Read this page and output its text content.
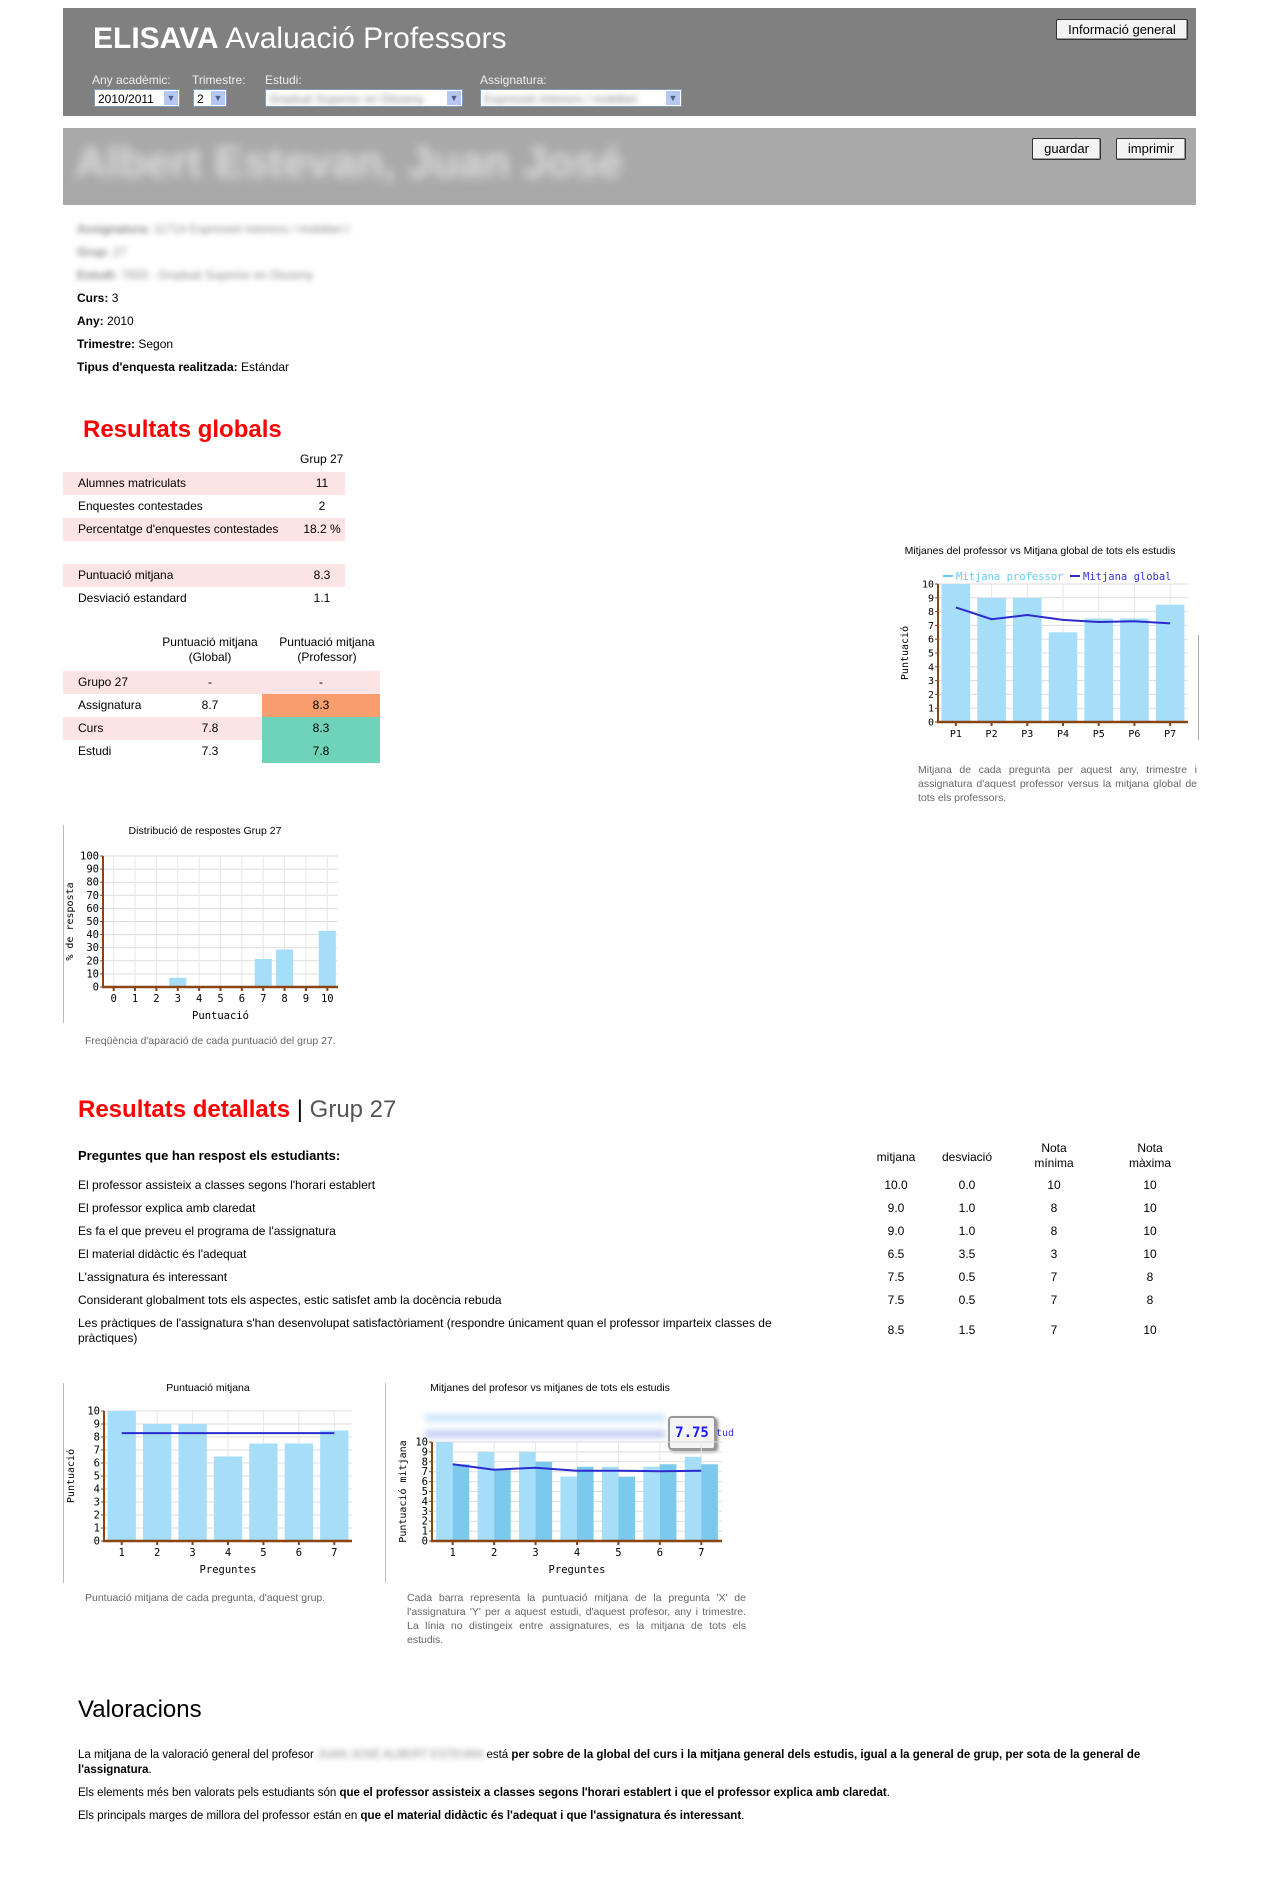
ELISAVA Avaluació Professors	Informació general
Any acadèmic: Trimestre: Estudi:	Assignatura:
2010/2011 ▼	2 ▼	Graduat Superior en Disseny	▼	Expressió interiors / mobiliari	▼
Albert Estevan, Juan José	guardar	imprimir
Resultats globals
Grup 27
Puntuació mitjana
(Global)
Puntuació mitjana
(Professor)
Mitjana de cada pregunta per aquest any, trimestre i assignatura d'aquest professor versus la mitjana global de tots els professors.
Freqüència d'aparació de cada puntuació del grup 27.
Puntuació mitjana de cada pregunta, d'aquest grup.	Cada barra representa la puntuació mitjana de la pregunta 'X' de l'assignatura 'Y' per a aquest estudi, d'aquest profesor, any i trimestre. La línia no distingeix entre assignatures, es la mitjana de tots els estudis.
Resultats detallats | Grup 27
Preguntes que han respost els estudiants:	mitjana desviació
Nota mínima
Nota màxima
7.75 tud
Valoracions

La mitjana de la valoració general del profesor JUAN JOSÉ ALBERT ESTEVAN está per sobre de la global del curs i la mitjana general dels estudis, igual a la general de grup, per sota de la general de l'assignatura.

Els elements més ben valorats pels estudiants són que el professor assisteix a classes segons l'horari establert i que el professor explica amb claredat.

Els principals marges de millora del professor están en que el material didàctic és l'adequat i que l'assignatura és interessant.

Mitjanes del professor vs Mitjana global de tots els estudis
0
1
2
3
4
5
6
7
8
9
10
P1 P2 P3 P4 P5 P6 P7
Puntuació
Mitjana professor Mitjana global
Distribució de respostes Grup 27
0
10
20
30
40
50
60
70
80
90
100
0 1 2 3 4 5 6 7 8 9 10
% de resposta
Puntuació
Puntuació mitjana
0
1
2
3
4
5
6
7
8
9
10
1	2	3	4	5	6	7
Puntuació
Preguntes
Mitjanes del profesor vs mitjanes de tots els estudis
0
1
2
3
4
5
6
7
8
9
10
1	2	3	4	5	6	7
Puntuació mitjana
Preguntes
Assignatura: 11714 Expressió interiors / mobiliari I
Grup: 27
Estudi: 7933 - Graduat Superior en Disseny
Curs: 3
Any: 2010
Trimestre: Segon
Tipus d'enquesta realitzada: Estándar
Alumnes matriculats	11
Enquestes contestades	2
Percentatge d'enquestes contestades 18.2 %
Puntuació mitjana	8.3
Desviació estandard	1.1
Grupo 27	-	-
Assignatura	8.7	8.3
Curs	7.8	8.3
Estudi	7.3	7.8
El professor assisteix a classes segons l'horari establert	10.0	0.0	10	10
El professor explica amb claredat	9.0	1.0	8	10
Es fa el que preveu el programa de l'assignatura	9.0	1.0	8	10
El material didàctic és l'adequat	6.5	3.5	3	10
L'assignatura és interessant	7.5	0.5	7	8
Considerant globalment tots els aspectes, estic satisfet amb la docència rebuda	7.5	0.5	7	8
Les pràctiques de l'assignatura s'han desenvolupat satisfactòriament (respondre únicament quan el professor imparteix classes de pràctiques)
8.5	1.5	7	10
